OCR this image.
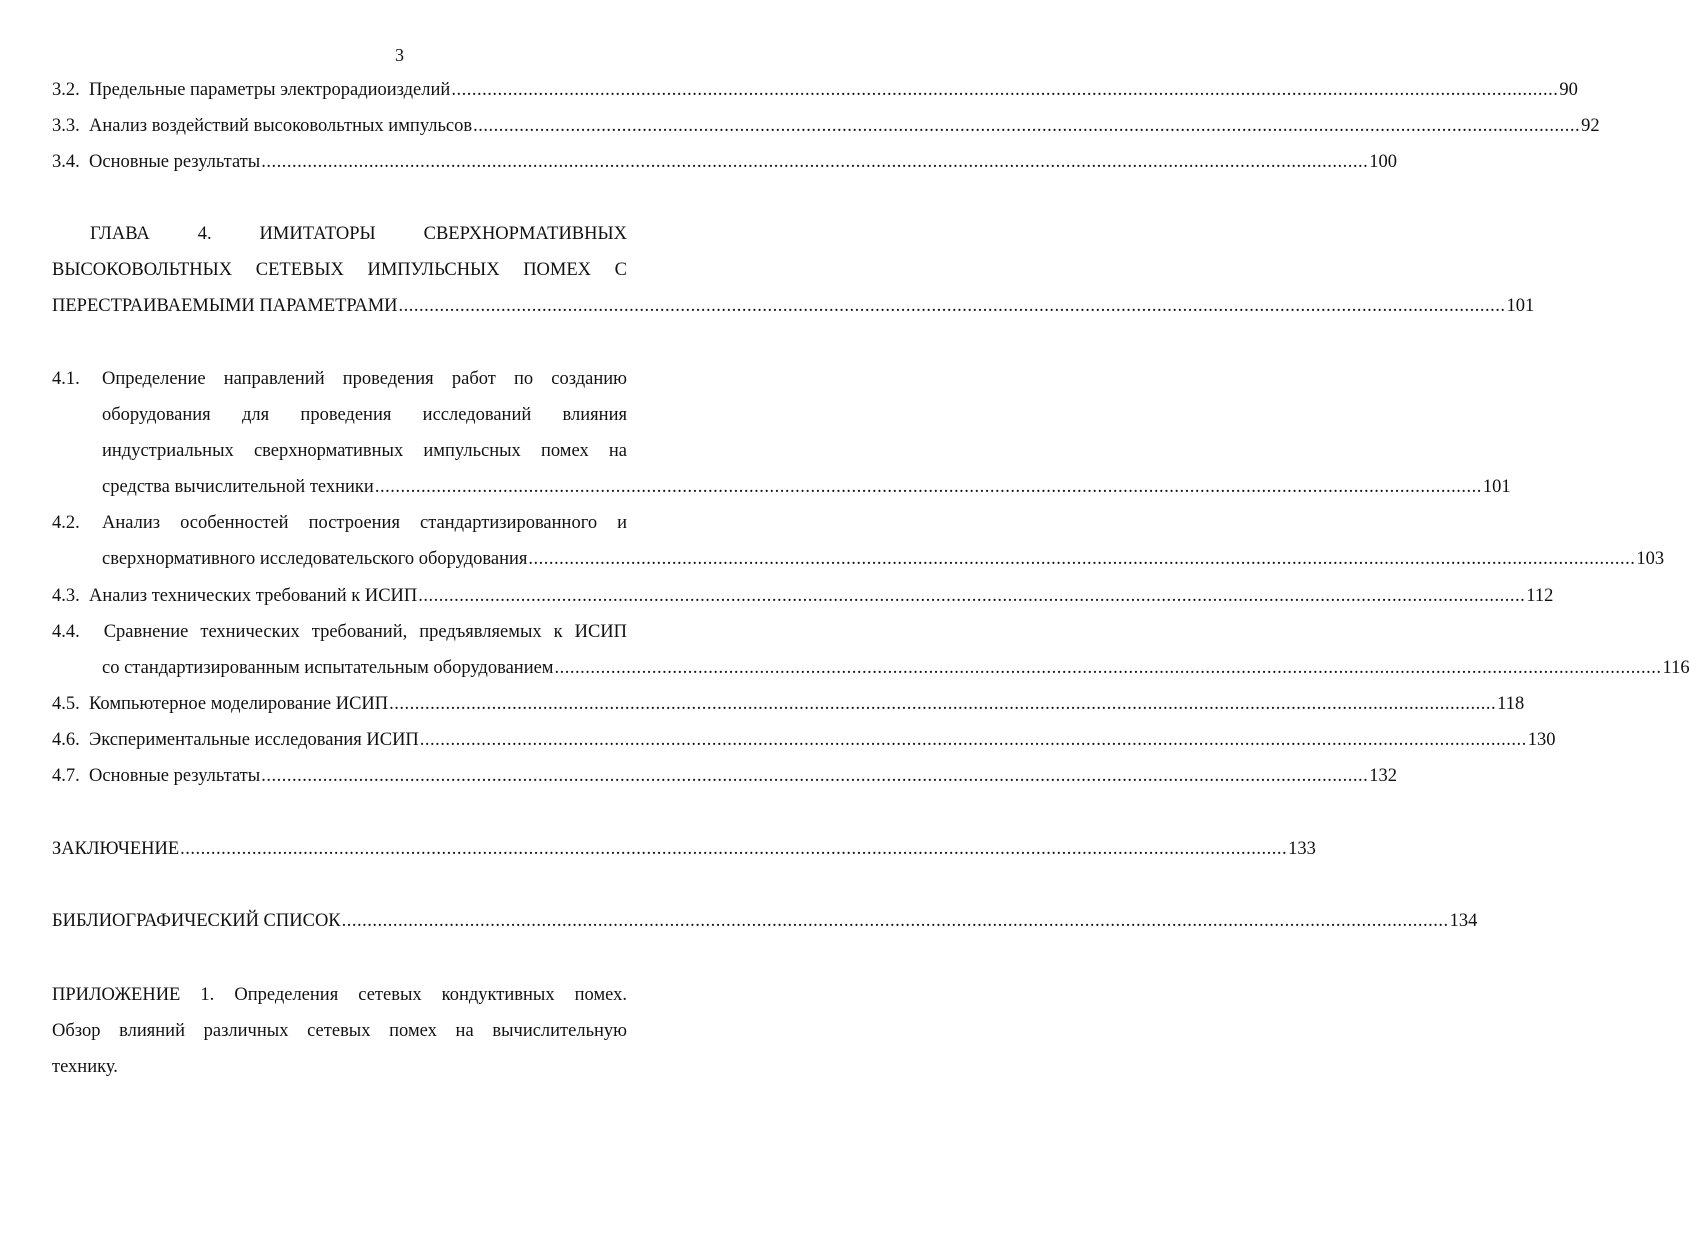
3
3.2. Предельные параметры электрорадиоизделий ........................................................................................................................................................................................................................ 90
3.3. Анализ воздействий высоковольтных импульсов ........................................................................................................................................................................................................................ 92
3.4. Основные результаты ........................................................................................................................................................................................................................ 100
ГЛАВА 4. ИМИТАТОРЫ СВЕРХНОРМАТИВНЫХ
ВЫСОКОВОЛЬТНЫХ СЕТЕВЫХ ИМПУЛЬСНЫХ ПОМЕХ С
ПЕРЕСТРАИВАЕМЫМИ ПАРАМЕТРАМИ ........................................................................................................................................................................................................................ 101
4.1. Определение направлений проведения работ по созданию
оборудования для проведения исследований влияния
индустриальных сверхнормативных импульсных помех на
средства вычислительной техники ........................................................................................................................................................................................................................ 101
4.2. Анализ особенностей построения стандартизированного и
сверхнормативного исследовательского оборудования ........................................................................................................................................................................................................................ 103
4.3. Анализ технических требований к ИСИП ........................................................................................................................................................................................................................ 112
4.4. Сравнение технических требований, предъявляемых к ИСИП
со стандартизированным испытательным оборудованием ........................................................................................................................................................................................................................ 116
4.5. Компьютерное моделирование ИСИП ........................................................................................................................................................................................................................ 118
4.6. Экспериментальные исследования ИСИП ........................................................................................................................................................................................................................ 130
4.7. Основные результаты ........................................................................................................................................................................................................................ 132
ЗАКЛЮЧЕНИЕ ........................................................................................................................................................................................................................ 133
БИБЛИОГРАФИЧЕСКИЙ СПИСОК ........................................................................................................................................................................................................................ 134
ПРИЛОЖЕНИЕ 1. Определения сетевых кондуктивных помех.
Обзор влияний различных сетевых помех на вычислительную
технику.
